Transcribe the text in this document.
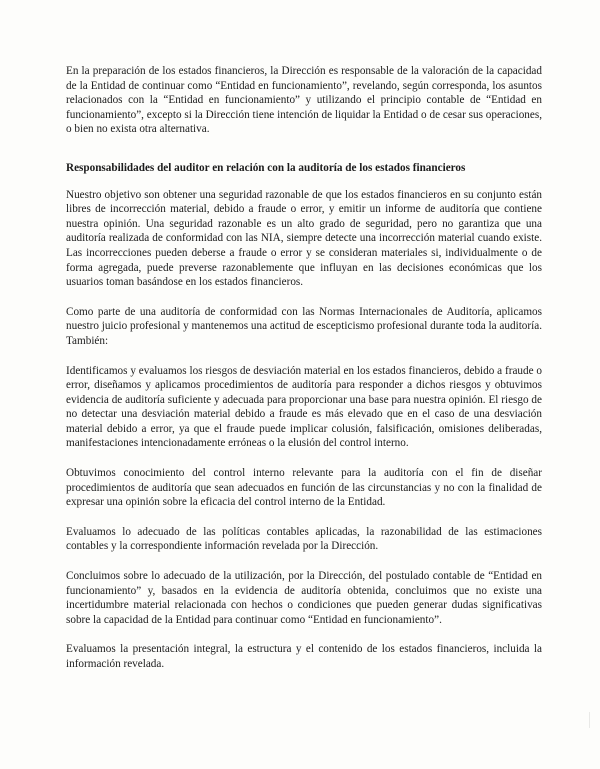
En la preparación de los estados financieros, la Dirección es responsable de la valoración de la capacidad de la Entidad de continuar como “Entidad en funcionamiento”, revelando, según corresponda, los asuntos relacionados con la “Entidad en funcionamiento” y utilizando el principio contable de “Entidad en funcionamiento”, excepto si la Dirección tiene intención de liquidar la Entidad o de cesar sus operaciones, o bien no exista otra alternativa.

Responsabilidades del auditor en relación con la auditoría de los estados financieros

Nuestro objetivo son obtener una seguridad razonable de que los estados financieros en su conjunto están libres de incorrección material, debido a fraude o error, y emitir un informe de auditoría que contiene nuestra opinión. Una seguridad razonable es un alto grado de seguridad, pero no garantiza que una auditoría realizada de conformidad con las NIA, siempre detecte una incorrección material cuando existe. Las incorrecciones pueden deberse a fraude o error y se consideran materiales si, individualmente o de forma agregada, puede preverse razonablemente que influyan en las decisiones económicas que los usuarios toman basándose en los estados financieros.

Como parte de una auditoría de conformidad con las Normas Internacionales de Auditoría, aplicamos nuestro juicio profesional y mantenemos una actitud de escepticismo profesional durante toda la auditoría. También:

Identificamos y evaluamos los riesgos de desviación material en los estados financieros, debido a fraude o error, diseñamos y aplicamos procedimientos de auditoría para responder a dichos riesgos y obtuvimos evidencia de auditoría suficiente y adecuada para proporcionar una base para nuestra opinión. El riesgo de no detectar una desviación material debido a fraude es más elevado que en el caso de una desviación material debido a error, ya que el fraude puede implicar colusión, falsificación, omisiones deliberadas, manifestaciones intencionadamente erróneas o la elusión del control interno.

Obtuvimos conocimiento del control interno relevante para la auditoría con el fin de diseñar procedimientos de auditoría que sean adecuados en función de las circunstancias y no con la finalidad de expresar una opinión sobre la eficacia del control interno de la Entidad.

Evaluamos lo adecuado de las políticas contables aplicadas, la razonabilidad de las estimaciones contables y la correspondiente información revelada por la Dirección.

Concluimos sobre lo adecuado de la utilización, por la Dirección, del postulado contable de “Entidad en funcionamiento” y, basados en la evidencia de auditoría obtenida, concluimos que no existe una incertidumbre material relacionada con hechos o condiciones que pueden generar dudas significativas sobre la capacidad de la Entidad para continuar como “Entidad en funcionamiento”.

Evaluamos la presentación integral, la estructura y el contenido de los estados financieros, incluida la información revelada.
